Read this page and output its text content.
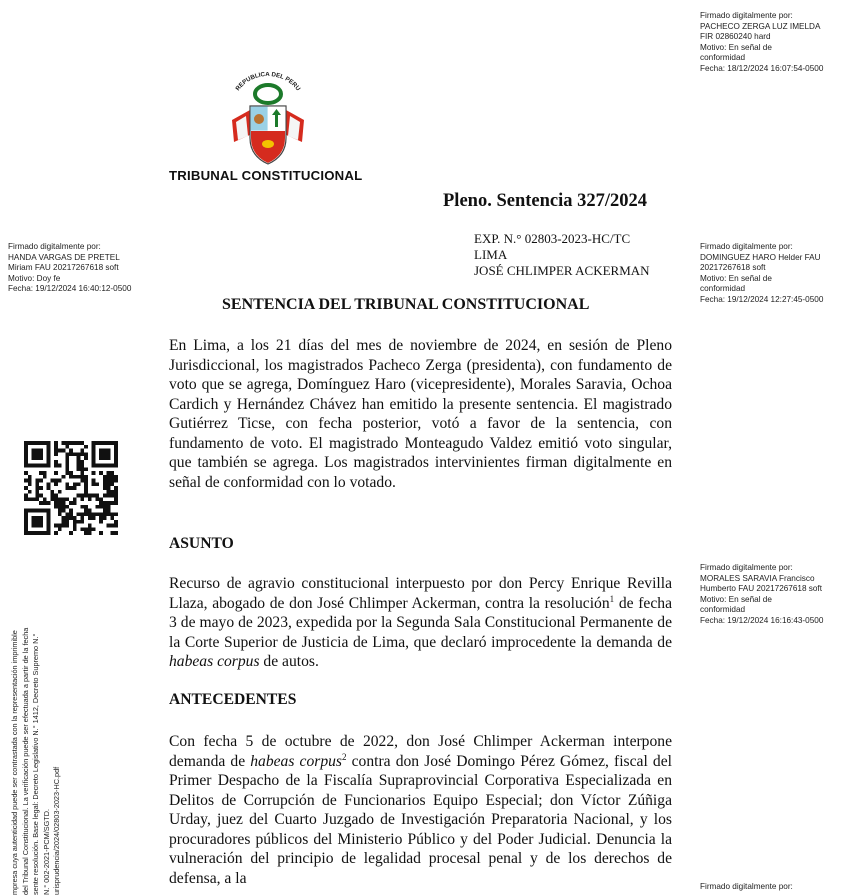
Firmado digitalmente por:
PACHECO ZERGA LUZ IMELDA
FIR 02860240 hard
Motivo: En señal de
conformidad
Fecha: 18/12/2024 16:07:54-0500
Firmado digitalmente por:
HANDA VARGAS DE PRETEL
Miriam FAU 20217267618 soft
Motivo: Doy fe
Fecha: 19/12/2024 16:40:12-0500
Firmado digitalmente por:
DOMINGUEZ HARO Helder FAU
20217267618 soft
Motivo: En señal de
conformidad
Fecha: 19/12/2024 12:27:45-0500
Firmado digitalmente por:
MORALES SARAVIA Francisco
Humberto FAU 20217267618 soft
Motivo: En señal de
conformidad
Fecha: 19/12/2024 16:16:43-0500
Firmado digitalmente por:
mpresa cuya autenticidad puede ser contrastada con la representación imprimible del Tribunal Constitucional. La verificación puede ser efectuada a partir de la fecha sente resolución. Base legal: Decreto Legislativo N.° 1412, Decreto Supremo N.° N.° 002-2021-PCM/SGTD. urisprudencia/2024/02803-2023-HC.pdf
REPUBLICA DEL PERU
TRIBUNAL CONSTITUCIONAL
Pleno. Sentencia 327/2024
EXP. N.° 02803-2023-HC/TC
LIMA
JOSÉ CHLIMPER ACKERMAN
SENTENCIA DEL TRIBUNAL CONSTITUCIONAL
En Lima, a los 21 días del mes de noviembre de 2024, en sesión de Pleno Jurisdiccional, los magistrados Pacheco Zerga (presidenta), con fundamento de voto que se agrega, Domínguez Haro (vicepresidente), Morales Saravia, Ochoa Cardich y Hernández Chávez han emitido la presente sentencia. El magistrado Gutiérrez Ticse, con fecha posterior, votó a favor de la sentencia, con fundamento de voto. El magistrado Monteagudo Valdez emitió voto singular, que también se agrega. Los magistrados intervinientes firman digitalmente en señal de conformidad con lo votado.
ASUNTO
Recurso de agravio constitucional interpuesto por don Percy Enrique Revilla Llaza, abogado de don José Chlimper Ackerman, contra la resolución$^1$ de fecha 3 de mayo de 2023, expedida por la Segunda Sala Constitucional Permanente de la Corte Superior de Justicia de Lima, que declaró improcedente la demanda de habeas corpus de autos.
ANTECEDENTES
Con fecha 5 de octubre de 2022, don José Chlimper Ackerman interpone demanda de habeas corpus$^2$ contra don José Domingo Pérez Gómez, fiscal del Primer Despacho de la Fiscalía Supraprovincial Corporativa Especializada en Delitos de Corrupción de Funcionarios Equipo Especial; don Víctor Zúñiga Urday, juez del Cuarto Juzgado de Investigación Preparatoria Nacional, y los procuradores públicos del Ministerio Público y del Poder Judicial. Denuncia la vulneración del principio de legalidad procesal penal y de los derechos de defensa, a la
